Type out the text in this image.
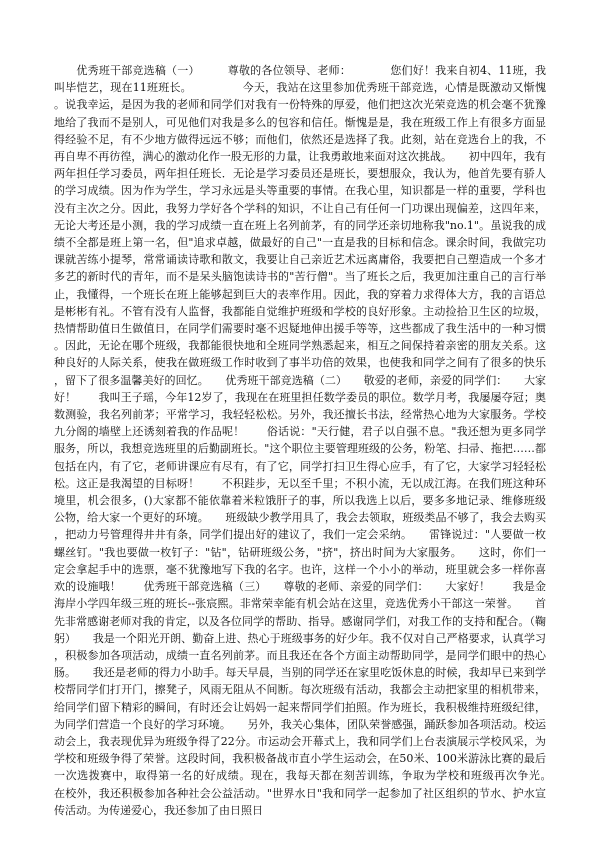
　　优秀班干部竞选稿（一）　　　尊敬的各位领导、老师：　　　　您们好！我来自初4、11班，我叫毕恺艺，现在11班班长。　　　　　今天，我站在这里参加优秀班干部竞选，心情是既激动又惭愧。说我幸运，是因为我的老师和同学们对我有一份特殊的厚爱，他们把这次光荣竞选的机会毫不犹豫地给了我而不是别人，可见他们对我是多么的包容和信任。惭愧是是，我在班级工作上有很多方面显得经验不足，有不少地方做得远远不够；而他们，依然还是选择了我。此刻，站在竞选台上的我，不再自卑不再彷徨，满心的激动化作一股无形的力量，让我勇敢地来面对这次挑战。　　初中四年，我有两年担任学习委员，两年担任班长．无论是学习委员还是班长，要想服众，我认为，他首先要有骄人的学习成绩。因为作为学生，学习永远是头等重要的事情。在我心里，知识都是一样的重要，学科也没有主次之分。因此，我努力学好各个学科的知识，不让自己有任何一门功课出现偏差，这四年来，无论大考还是小测，我的学习成绩一直在班上名列前茅，有的同学还亲切地称我"no.1"。虽说我的成绩不全都是班上第一名，但"追求卓越，做最好的自己"一直是我的目标和信念。课余时间，我做完功课就苦练小提琴，常常诵读诗歌和散文，我要让自己亲近艺术远离庸俗，我要把自己塑造成一个多才多艺的新时代的青年，而不是呆头脑饱读诗书的"苦行僧"。当了班长之后，我更加注重自己的言行举止，我懂得，一个班长在班上能够起到巨大的表率作用。因此，我的穿着力求得体大方，我的言语总是彬彬有礼。不管有没有人监督，我都能自觉维护班级和学校的良好形象。主动捡拾卫生区的垃圾，热情帮助值日生做值日，在同学们需要时毫不迟疑地伸出援手等等，这些都成了我生活中的一种习惯。因此，无论在哪个班级，我都能很快地和全班同学熟悉起来，相互之间保持着亲密的朋友关系。这种良好的人际关系，使我在做班级工作时收到了事半功倍的效果，也使我和同学之间有了很多的快乐，留下了很多温馨美好的回忆。　　优秀班干部竞选稿（二）　　敬爱的老师，亲爱的同学们：　　大家好！　　我叫王子瑶，今年12岁了，我现在在班里担任数学委员的职位。数学月考，我屡屡夺冠；奥数测验，我名列前茅；平常学习，我轻轻松松。另外，我还擅长书法，经常热心地为大家服务。学校九分阁的墙壁上还诱刻着我的作品呢！　　俗话说："天行健，君子以自强不息。"我还想为更多同学服务，所以，我想竞选班里的后勤副班长。"这个职位主要管理班级的公务，粉笔、扫帚、拖把……都包括在内，有了它，老师讲课应有尽有，有了它，同学打扫卫生得心应手，有了它，大家学习轻轻松松。这正是我渴望的目标呀！　　不积跬步，无以至千里；不积小流，无以成江海。在我们班这种环境里，机会很多，()大家都不能依靠着米粒饿肝子的事，所以我选上以后，要多多地记录、维修班级公物，给大家一个更好的环境。　　班级缺少教学用具了，我会去领取，班级类品不够了，我会去购买，把动力号管理得井井有条，同学们提出好的建议了，我们一定会采纳。　　雷锋说过："人要做一枚螺丝钉。"我也要做一枚钉子："钻"，钻研班级公务，"挤"，挤出时间为大家服务。　　这时，你们一定会拿起手中的选票，毫不犹豫地写下我的名字。也许，这样一个小小的举动，班里就会多一样你喜欢的设施哦！　　优秀班干部竞选稿（三）　　尊敬的老师、亲爱的同学们：　　大家好！　　我是金海岸小学四年级三班的班长--张宸熙。非常荣幸能有机会站在这里，竞选优秀小干部这一荣誉。　　首先非常感谢老师对我的肯定，以及各位同学的帮助、指导。感谢同学们，对我工作的支持和配合。（鞠躬）　　我是一个阳光开朗、勤奋上进、热心于班级事务的好少年。我不仅对自己严格要求，认真学习，积极参加各项活动，成绩一直名列前茅。而且我还在各个方面主动帮助同学，是同学们眼中的热心肠。　　我还是老师的得力小助手。每天早晨，当别的同学还在家里吃饭休息的时候，我却早已来到学校帮同学们打开门，擦凳子，风雨无阻从不间断。每次班级有活动，我都会主动把家里的相机带来，给同学们留下精彩的瞬间，有时还会让妈妈一起来帮同学们拍照。作为班长，我积极维持班级纪律，为同学们营造一个良好的学习环境。　　另外，我关心集体，团队荣誉感强，踊跃参加各项活动。校运动会上，我表现优异为班级争得了22分。市运动会开幕式上，我和同学们上台表演展示学校风采，为学校和班级争得了荣誉。这段时间，我积极备战市直小学生运动会，在50米、100米游泳比赛的最后一次选拨赛中，取得第一名的好成绩。现在，我每天都在刻苦训练，争取为学校和班级再次争光。　　在校外，我还积极参加各种社会公益活动。"世界水日"我和同学一起参加了社区组织的节水、护水宣传活动。为传递爱心，我还参加了由日照日
